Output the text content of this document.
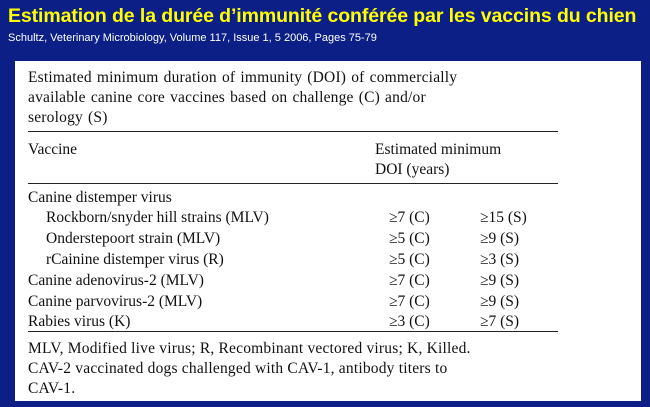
Estimation de la durée d’immunité conférée par les vaccins du chien
Schultz, Veterinary Microbiology, Volume 117, Issue 1, 5 2006, Pages 75-79
Estimated minimum duration of immunity (DOI) of commercially
available canine core vaccines based on challenge (C) and/or
serology (S)
Vaccine	Estimated minimum
DOI (years)
Canine distemper virus
Rockborn/snyder hill strains (MLV)	≥7 (C)	≥15 (S)
Onderstepoort strain (MLV)	≥5 (C)	≥9 (S)
rCainine distemper virus (R)	≥5 (C)	≥3 (S)
Canine adenovirus-2 (MLV)	≥7 (C)	≥9 (S)
Canine parvovirus-2 (MLV)	≥7 (C)	≥9 (S)
Rabies virus (K)	≥3 (C)	≥7 (S)
MLV, Modified live virus; R, Recombinant vectored virus; K, Killed.
CAV-2 vaccinated dogs challenged with CAV-1, antibody titers to
CAV-1.
